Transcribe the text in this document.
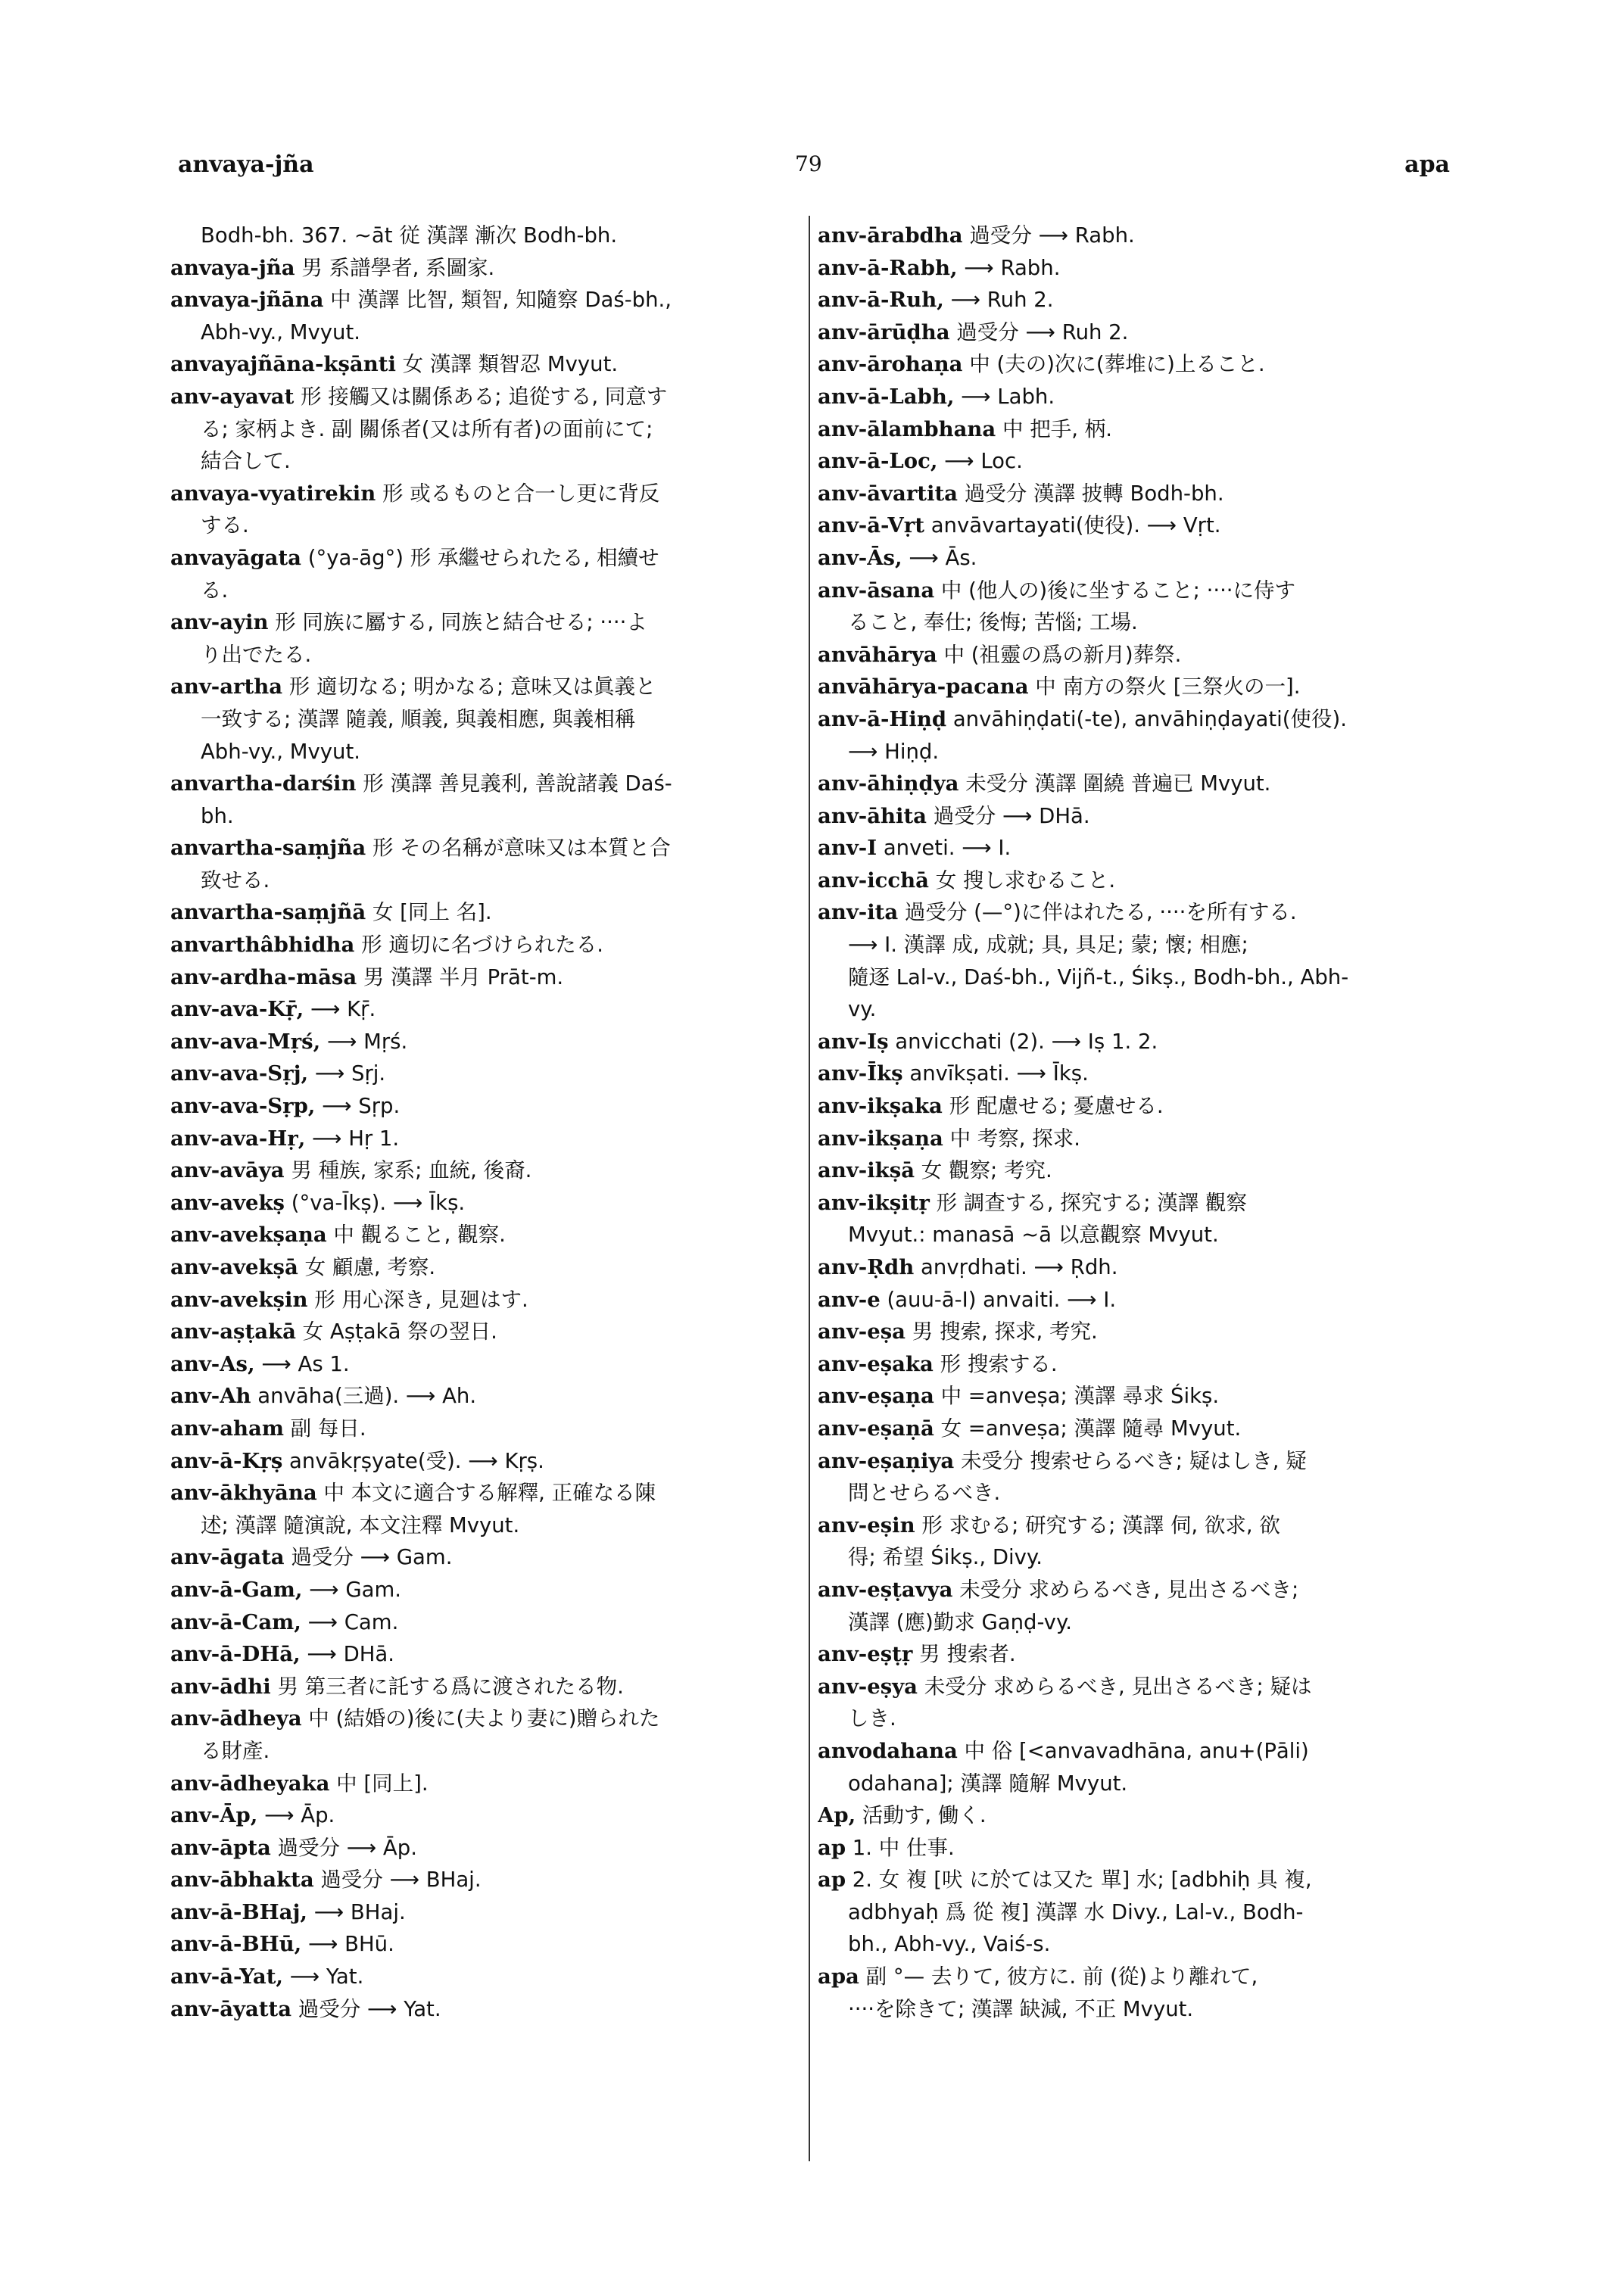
anvaya-jña	79	apa
Bodh-bh. 367. ~āt 従 漢譯 漸次 Bodh-bh.
anvaya-jña 男 系譜學者, 系圖家.
anvaya-jñāna 中 漢譯 比智, 類智, 知隨察 Daś-bh.,
Abh-vy., Mvyut.
anvayajñāna-kṣānti 女 漢譯 類智忍 Mvyut.
anv-ayavat 形 接觸又は關係ある; 追從する, 同意す
る; 家柄よき. 副 關係者(又は所有者)の面前にて;
結合して.
anvaya-vyatirekin 形 或るものと合一し更に背反
する.
anvayāgata (°ya-āg°) 形 承繼せられたる, 相續せ
る.
anv-ayin 形 同族に屬する, 同族と結合せる; ····よ
り出でたる.
anv-artha 形 適切なる; 明かなる; 意味又は眞義と
一致する; 漢譯 隨義, 順義, 與義相應, 與義相稱
Abh-vy., Mvyut.
anvartha-darśin 形 漢譯 善見義利, 善說諸義 Daś-
bh.
anvartha-saṃjña 形 その名稱が意味又は本質と合
致せる.
anvartha-saṃjñā 女 [同上 名].
anvarthâbhidha 形 適切に名づけられたる.
anv-ardha-māsa 男 漢譯 半月 Prāt-m.
anv-ava-Kṝ, ⟶ Kṝ.
anv-ava-Mṛś, ⟶ Mṛś.
anv-ava-Sṛj, ⟶ Sṛj.
anv-ava-Sṛp, ⟶ Sṛp.
anv-ava-Hṛ, ⟶ Hṛ 1.
anv-avāya 男 種族, 家系; 血統, 後裔.
anv-avekṣ (°va-Īkṣ). ⟶ Īkṣ.
anv-avekṣaṇa 中 觀ること, 觀察.
anv-avekṣā 女 顧慮, 考察.
anv-avekṣin 形 用心深き, 見廻はす.
anv-aṣṭakā 女 Aṣṭakā 祭の翌日.
anv-As, ⟶ As 1.
anv-Ah anvāha(三過). ⟶ Ah.
anv-aham 副 每日.
anv-ā-Kṛṣ anvākṛṣyate(受). ⟶ Kṛṣ.
anv-ākhyāna 中 本文に適合する解釋, 正確なる陳
述; 漢譯 隨演說, 本文注釋 Mvyut.
anv-āgata 過受分 ⟶ Gam.
anv-ā-Gam, ⟶ Gam.
anv-ā-Cam, ⟶ Cam.
anv-ā-DHā, ⟶ DHā.
anv-ādhi 男 第三者に託する爲に渡されたる物.
anv-ādheya 中 (結婚の)後に(夫より妻に)贈られた
る財產.
anv-ādheyaka 中 [同上].
anv-Āp, ⟶ Āp.
anv-āpta 過受分 ⟶ Āp.
anv-ābhakta 過受分 ⟶ BHaj.
anv-ā-BHaj, ⟶ BHaj.
anv-ā-BHū, ⟶ BHū.
anv-ā-Yat, ⟶ Yat.
anv-āyatta 過受分 ⟶ Yat.
anv-ārabdha 過受分 ⟶ Rabh.
anv-ā-Rabh, ⟶ Rabh.
anv-ā-Ruh, ⟶ Ruh 2.
anv-ārūḍha 過受分 ⟶ Ruh 2.
anv-ārohaṇa 中 (夫の)次に(葬堆に)上ること.
anv-ā-Labh, ⟶ Labh.
anv-ālambhana 中 把手, 柄.
anv-ā-Loc, ⟶ Loc.
anv-āvartita 過受分 漢譯 披轉 Bodh-bh.
anv-ā-Vṛt anvāvartayati(使役). ⟶ Vṛt.
anv-Ās, ⟶ Ās.
anv-āsana 中 (他人の)後に坐すること; ····に侍す
ること, 奉仕; 後悔; 苦惱; 工場.
anvāhārya 中 (祖靈の爲の新月)葬祭.
anvāhārya-pacana 中 南方の祭火 [三祭火の一].
anv-ā-Hiṇḍ anvāhiṇḍati(-te), anvāhiṇḍayati(使役).
⟶ Hiṇḍ.
anv-āhiṇḍya 未受分 漢譯 圍繞 普遍已 Mvyut.
anv-āhita 過受分 ⟶ DHā.
anv-I anveti. ⟶ I.
anv-icchā 女 搜し求むること.
anv-ita 過受分 (—°)に伴はれたる, ····を所有する.
⟶ I. 漢譯 成, 成就; 具, 具足; 蒙; 懷; 相應;
隨逐 Lal-v., Daś-bh., Vijñ-t., Śikṣ., Bodh-bh., Abh-
vy.
anv-Iṣ anvicchati (2). ⟶ Iṣ 1. 2.
anv-Īkṣ anvīkṣati. ⟶ Īkṣ.
anv-ikṣaka 形 配慮せる; 憂慮せる.
anv-ikṣaṇa 中 考察, 探求.
anv-ikṣā 女 觀察; 考究.
anv-ikṣitṛ 形 調查する, 探究する; 漢譯 觀察
Mvyut.: manasā ~ā 以意觀察 Mvyut.
anv-Ṛdh anvṛdhati. ⟶ Ṛdh.
anv-e (auu-ā-I) anvaiti. ⟶ I.
anv-eṣa 男 搜索, 探求, 考究.
anv-eṣaka 形 搜索する.
anv-eṣaṇa 中 =anveṣa; 漢譯 尋求 Śikṣ.
anv-eṣaṇā 女 =anveṣa; 漢譯 隨尋 Mvyut.
anv-eṣaṇiya 未受分 搜索せらるべき; 疑はしき, 疑
問とせらるべき.
anv-eṣin 形 求むる; 研究する; 漢譯 伺, 欲求, 欲
得; 希望 Śikṣ., Divy.
anv-eṣṭavya 未受分 求めらるべき, 見出さるべき;
漢譯 (應)勤求 Gaṇḍ-vy.
anv-eṣṭṛ 男 搜索者.
anv-eṣya 未受分 求めらるべき, 見出さるべき; 疑は
しき.
anvodahana 中 俗 [<anvavadhāna, anu+(Pāli)
odahana]; 漢譯 隨解 Mvyut.
Ap, 活動す, 働く.
ap 1. 中 仕事.
ap 2. 女 複 [吠 に於ては又た 單] 水; [adbhiḥ 具 複,
adbhyaḥ 爲 從 複] 漢譯 水 Divy., Lal-v., Bodh-
bh., Abh-vy., Vaiś-s.
apa 副 °— 去りて, 彼方に. 前 (從)より離れて,
····を除きて; 漢譯 缺減, 不正 Mvyut.
